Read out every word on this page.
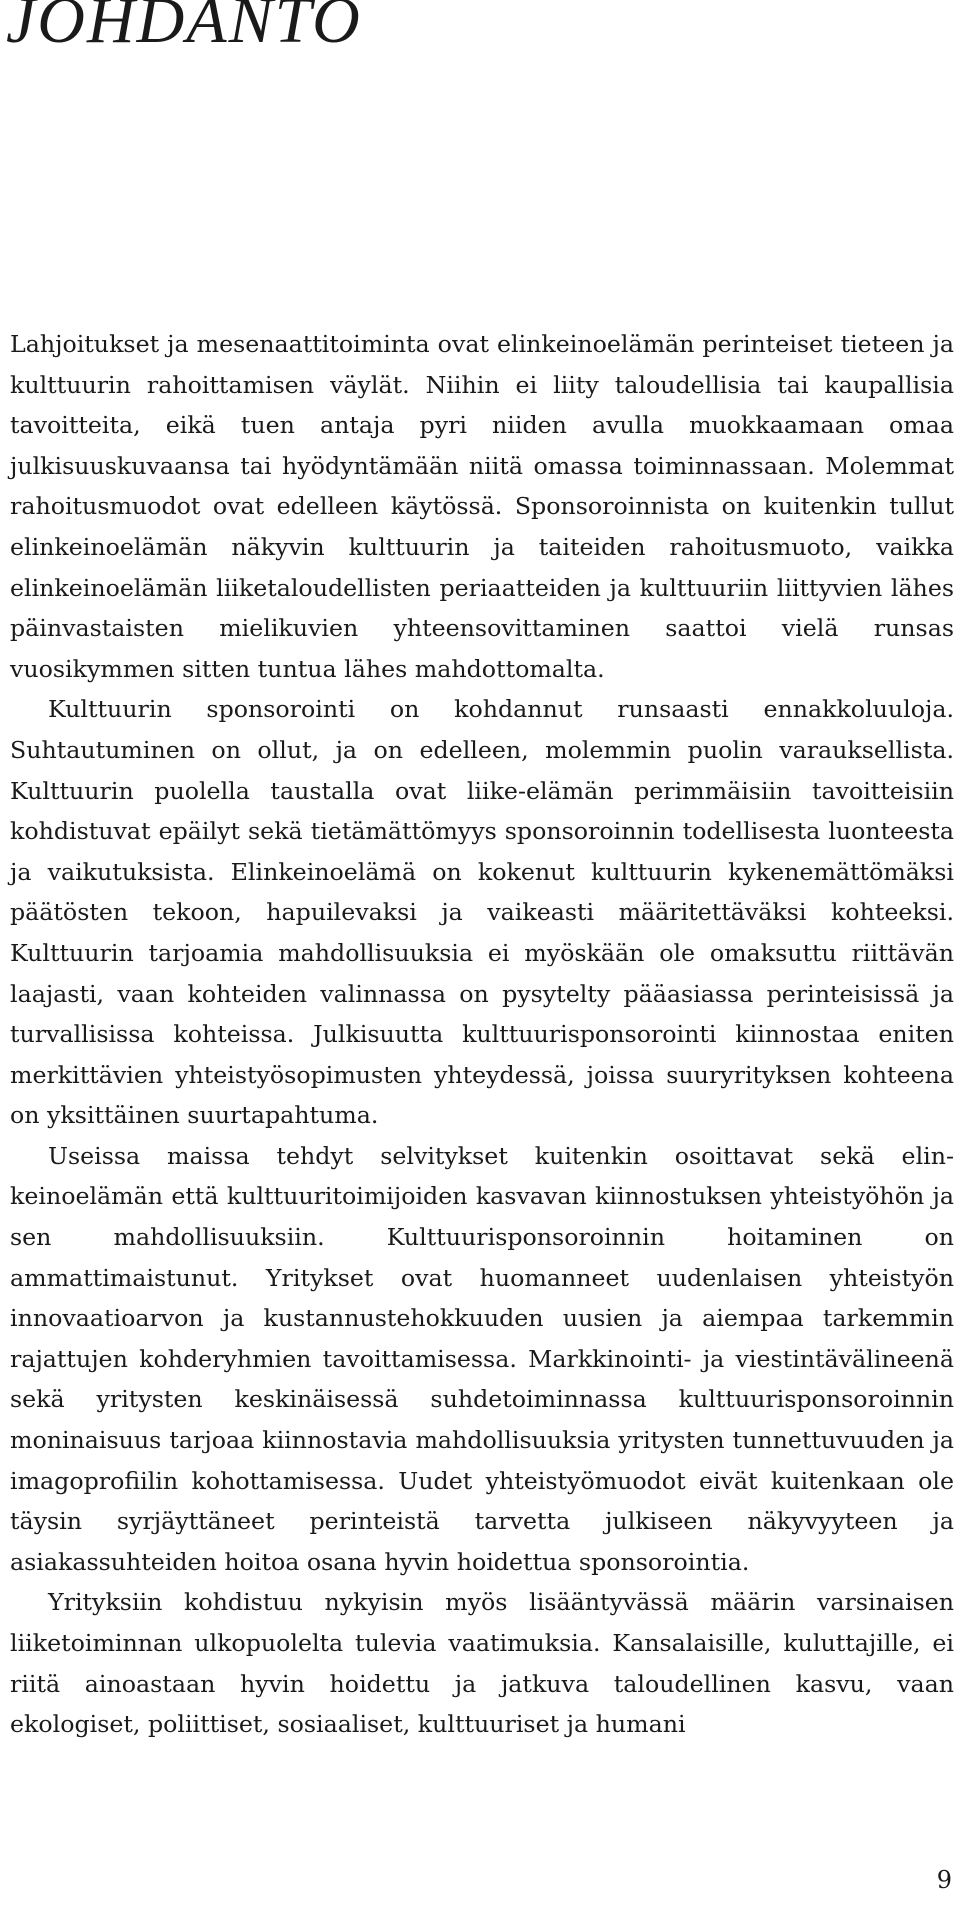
JOHDANTO

Lahjoitukset ja mesenaattitoiminta ovat elinkeinoelämän perinteiset tieteen ja kulttuurin rahoittamisen väylät. Niihin ei liity taloudellisia tai kaupallisia tavoitteita, eikä tuen antaja pyri niiden avulla muokkaamaan omaa julkisuuskuvaansa tai hyödyntämään niitä omassa toiminnassaan. Molemmat rahoitusmuodot ovat edelleen käytössä. Sponsoroinnista on kuitenkin tullut elinkeinoelämän näkyvin kulttuurin ja taiteiden rahoitusmuoto, vaikka elinkeinoelämän liiketaloudellisten periaatteiden ja kulttuuriin liittyvien lähes päinvastaisten mielikuvien yhteensovittaminen saattoi vielä runsas vuosikymmen sitten tuntua lähes mahdottomalta.

Kulttuurin sponsorointi on kohdannut runsaasti ennakkoluuloja. Suhtautuminen on ollut, ja on edelleen, molemmin puolin varauksellista. Kulttuurin puolella taustalla ovat liike-elämän perimmäisiin tavoitteisiin kohdistuvat epäilyt sekä tietämättömyys sponsoroinnin todellisesta luonteesta ja vaikutuksista. Elinkeinoelämä on kokenut kulttuurin kykenemättömäksi päätösten tekoon, hapuilevaksi ja vaikeasti määritettäväksi kohteeksi. Kulttuurin tarjoamia mahdollisuuksia ei myöskään ole omaksuttu riittävän laajasti, vaan kohteiden valinnassa on pysytelty pääasiassa perinteisissä ja turvallisissa kohteissa. Julkisuutta kulttuurisponsorointi kiinnostaa eniten merkittävien yhteistyösopimusten yhteydessä, joissa suuryrityksen kohteena on yksittäinen suurtapahtuma.

Useissa maissa tehdyt selvitykset kuitenkin osoittavat sekä elinkeinoelämän että kulttuuritoimijoiden kasvavan kiinnostuksen yhteistyöhön ja sen mahdollisuuksiin. Kulttuurisponsoroinnin hoitaminen on ammattimaistunut. Yritykset ovat huomanneet uudenlaisen yhteistyön innovaatioarvon ja kustannustehokkuuden uusien ja aiempaa tarkemmin rajattujen kohderyhmien tavoittamisessa. Markkinointi- ja viestintävälineenä sekä yritysten keskinäisessä suhdetoiminnassa kulttuurisponsoroinnin moninaisuus tarjoaa kiinnostavia mahdollisuuksia yritysten tunnettuvuuden ja imagoprofiilin kohottamisessa. Uudet yhteistyömuodot eivät kuitenkaan ole täysin syrjäyttäneet perinteistä tarvetta julkiseen näkyvyyteen ja asiakassuhteiden hoitoa osana hyvin hoidettua sponsorointia.

Yrityksiin kohdistuu nykyisin myös lisääntyvässä määrin varsinaisen liiketoiminnan ulkopuolelta tulevia vaatimuksia. Kansalaisille, kuluttajille, ei riitä ainoastaan hyvin hoidettu ja jatkuva taloudellinen kasvu, vaan ekologiset, poliittiset, sosiaaliset, kulttuuriset ja humani

9
